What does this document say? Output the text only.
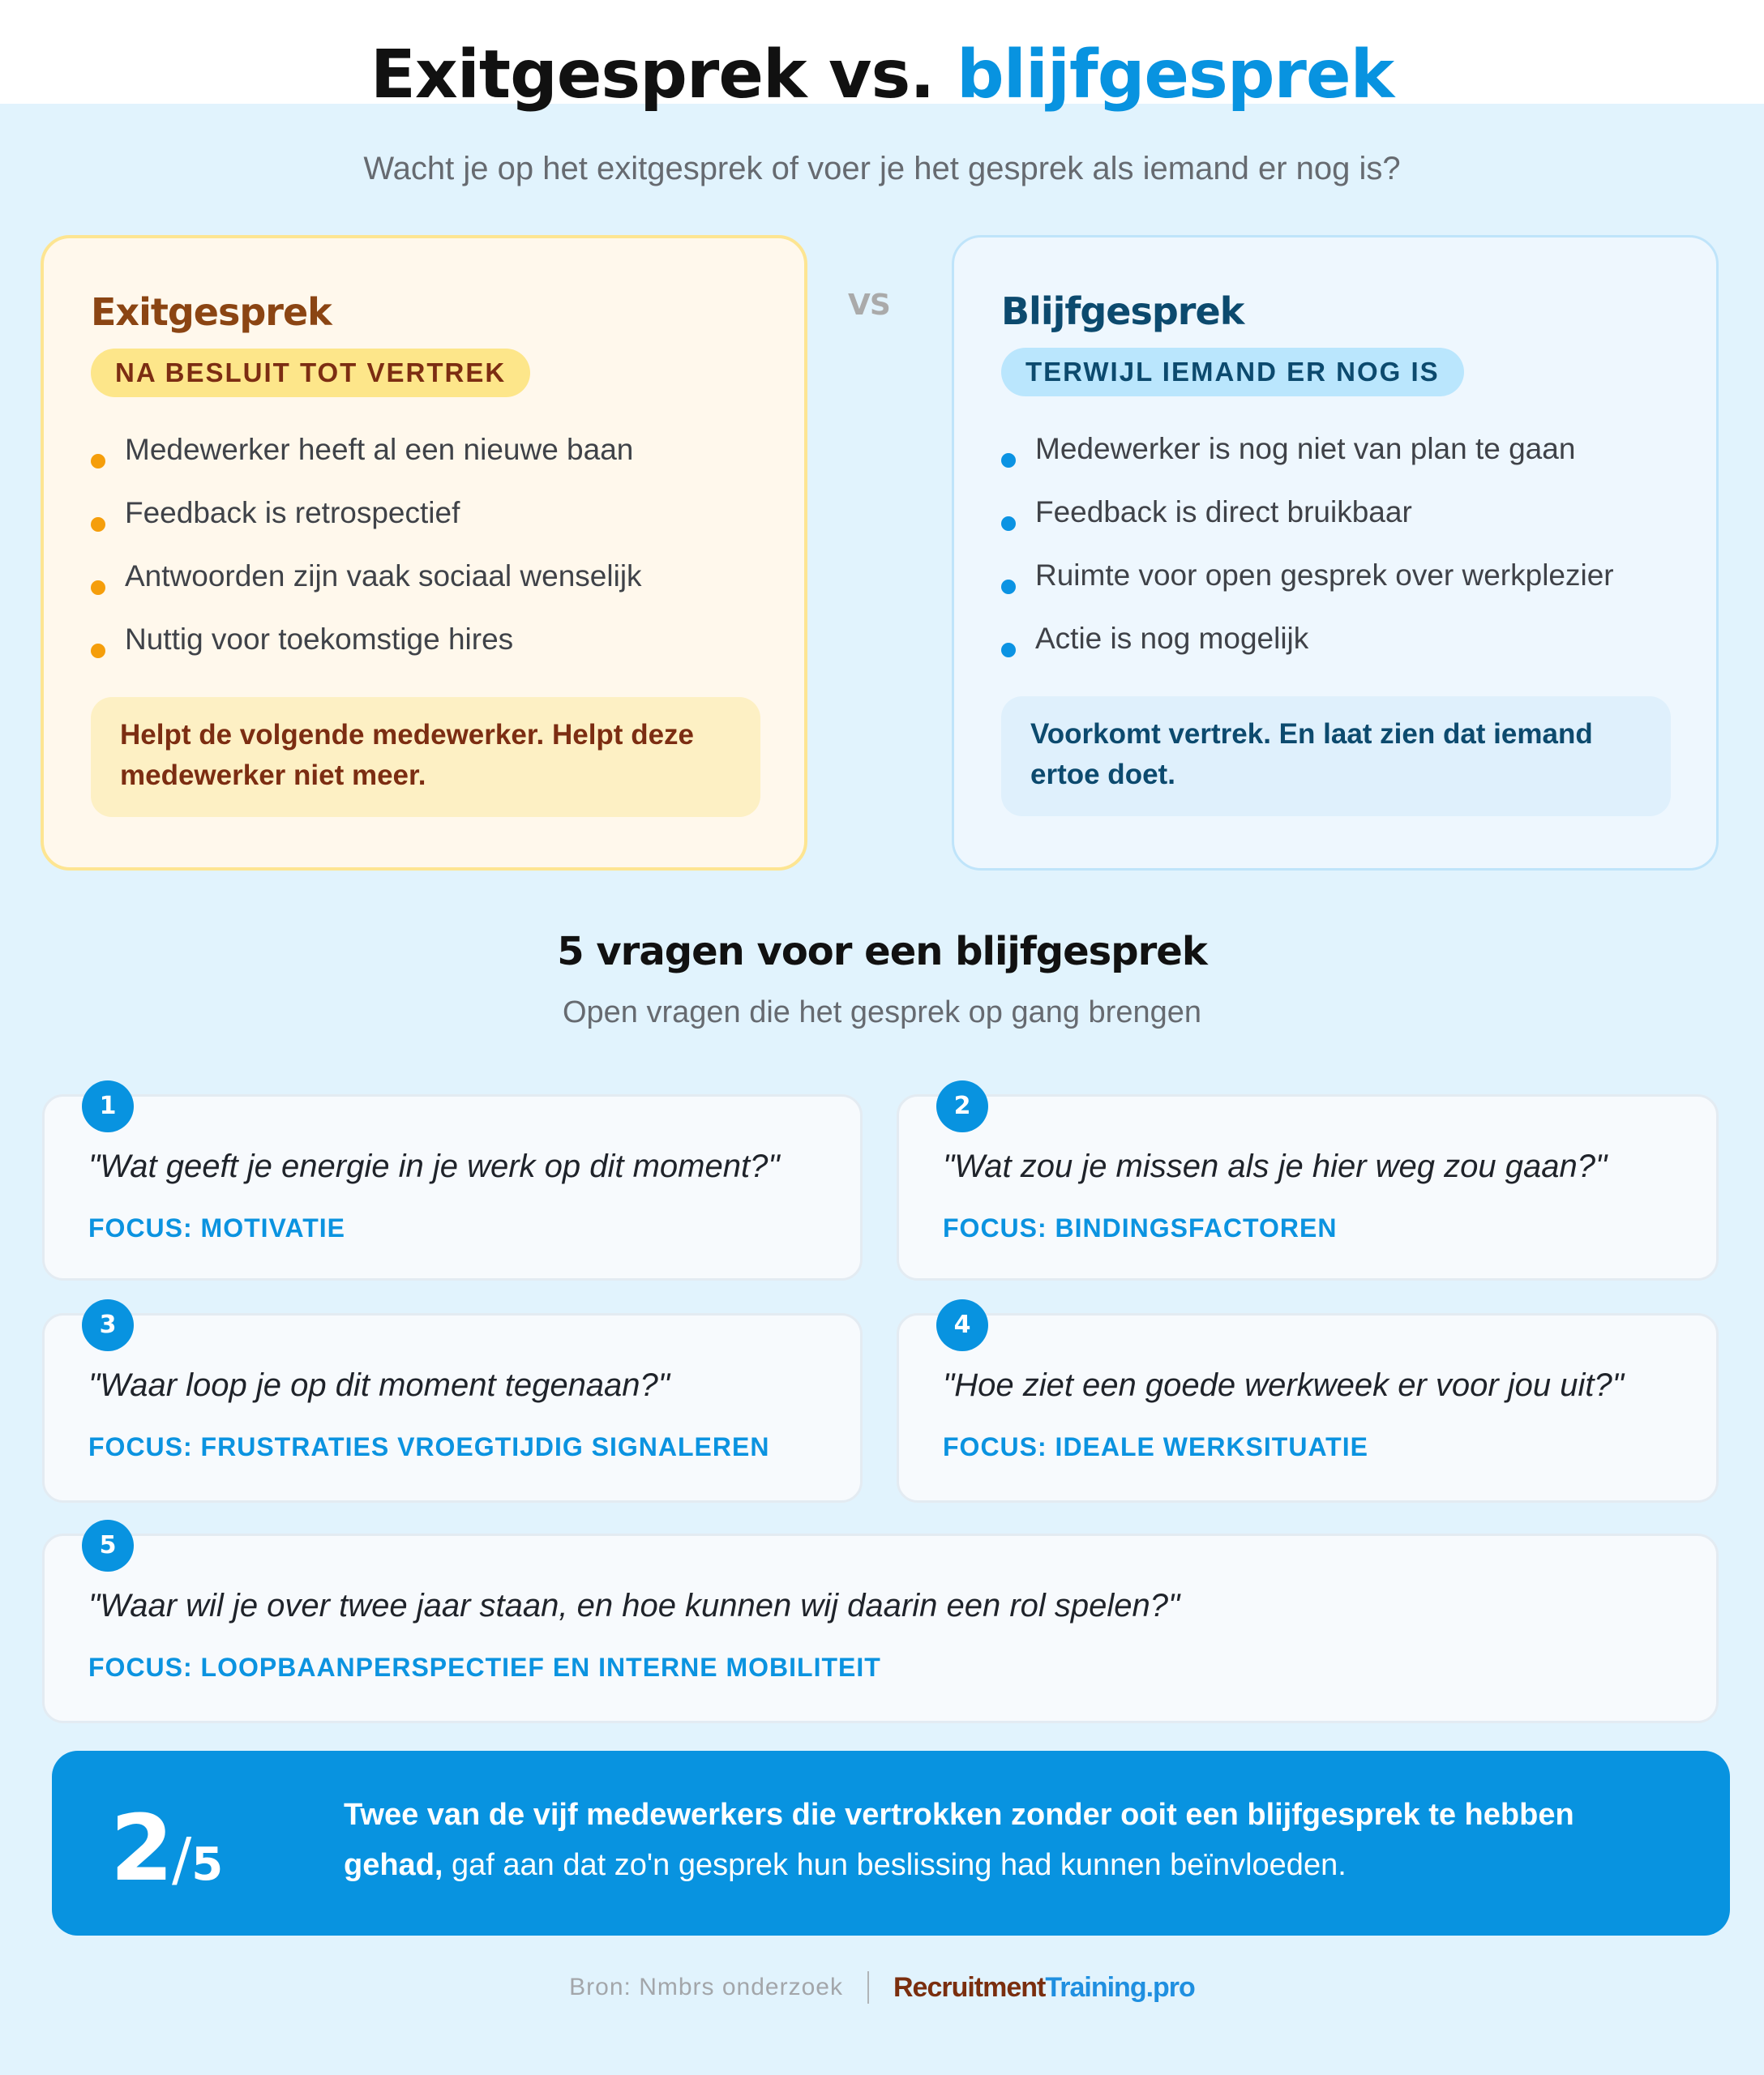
Exitgesprek vs. blijfgesprek

Wacht je op het exitgesprek of voer je het gesprek als iemand er nog is?

Exitgesprek
NA BESLUIT TOT VERTREK
Medewerker heeft al een nieuwe baan
Feedback is retrospectief
Antwoorden zijn vaak sociaal wenselijk
Nuttig voor toekomstige hires
Helpt de volgende medewerker. Helpt deze medewerker niet meer.
VS	Blijfgesprek
TERWIJL IEMAND ER NOG IS
Medewerker is nog niet van plan te gaan
Feedback is direct bruikbaar
Ruimte voor open gesprek over werkplezier
Actie is nog mogelijk
Voorkomt vertrek. En laat zien dat iemand ertoe doet.
5 vragen voor een blijfgesprek

Open vragen die het gesprek op gang brengen

1
"Wat geeft je energie in je werk op dit moment?"
FOCUS: MOTIVATIE
2
"Wat zou je missen als je hier weg zou gaan?"
FOCUS: BINDINGSFACTOREN
3
"Waar loop je op dit moment tegenaan?"
FOCUS: FRUSTRATIES VROEGTIJDIG SIGNALEREN
4
"Hoe ziet een goede werkweek er voor jou uit?"
FOCUS: IDEALE WERKSITUATIE
5
"Waar wil je over twee jaar staan, en hoe kunnen wij daarin een rol spelen?"
FOCUS: LOOPBAANPERSPECTIEF EN INTERNE MOBILITEIT
2/5

Twee van de vijf medewerkers die vertrokken zonder ooit een blijfgesprek te hebben gehad, gaf aan dat zo'n gesprek hun beslissing had kunnen beïnvloeden.

Bron: Nmbrs onderzoek RecruitmentTraining.pro
